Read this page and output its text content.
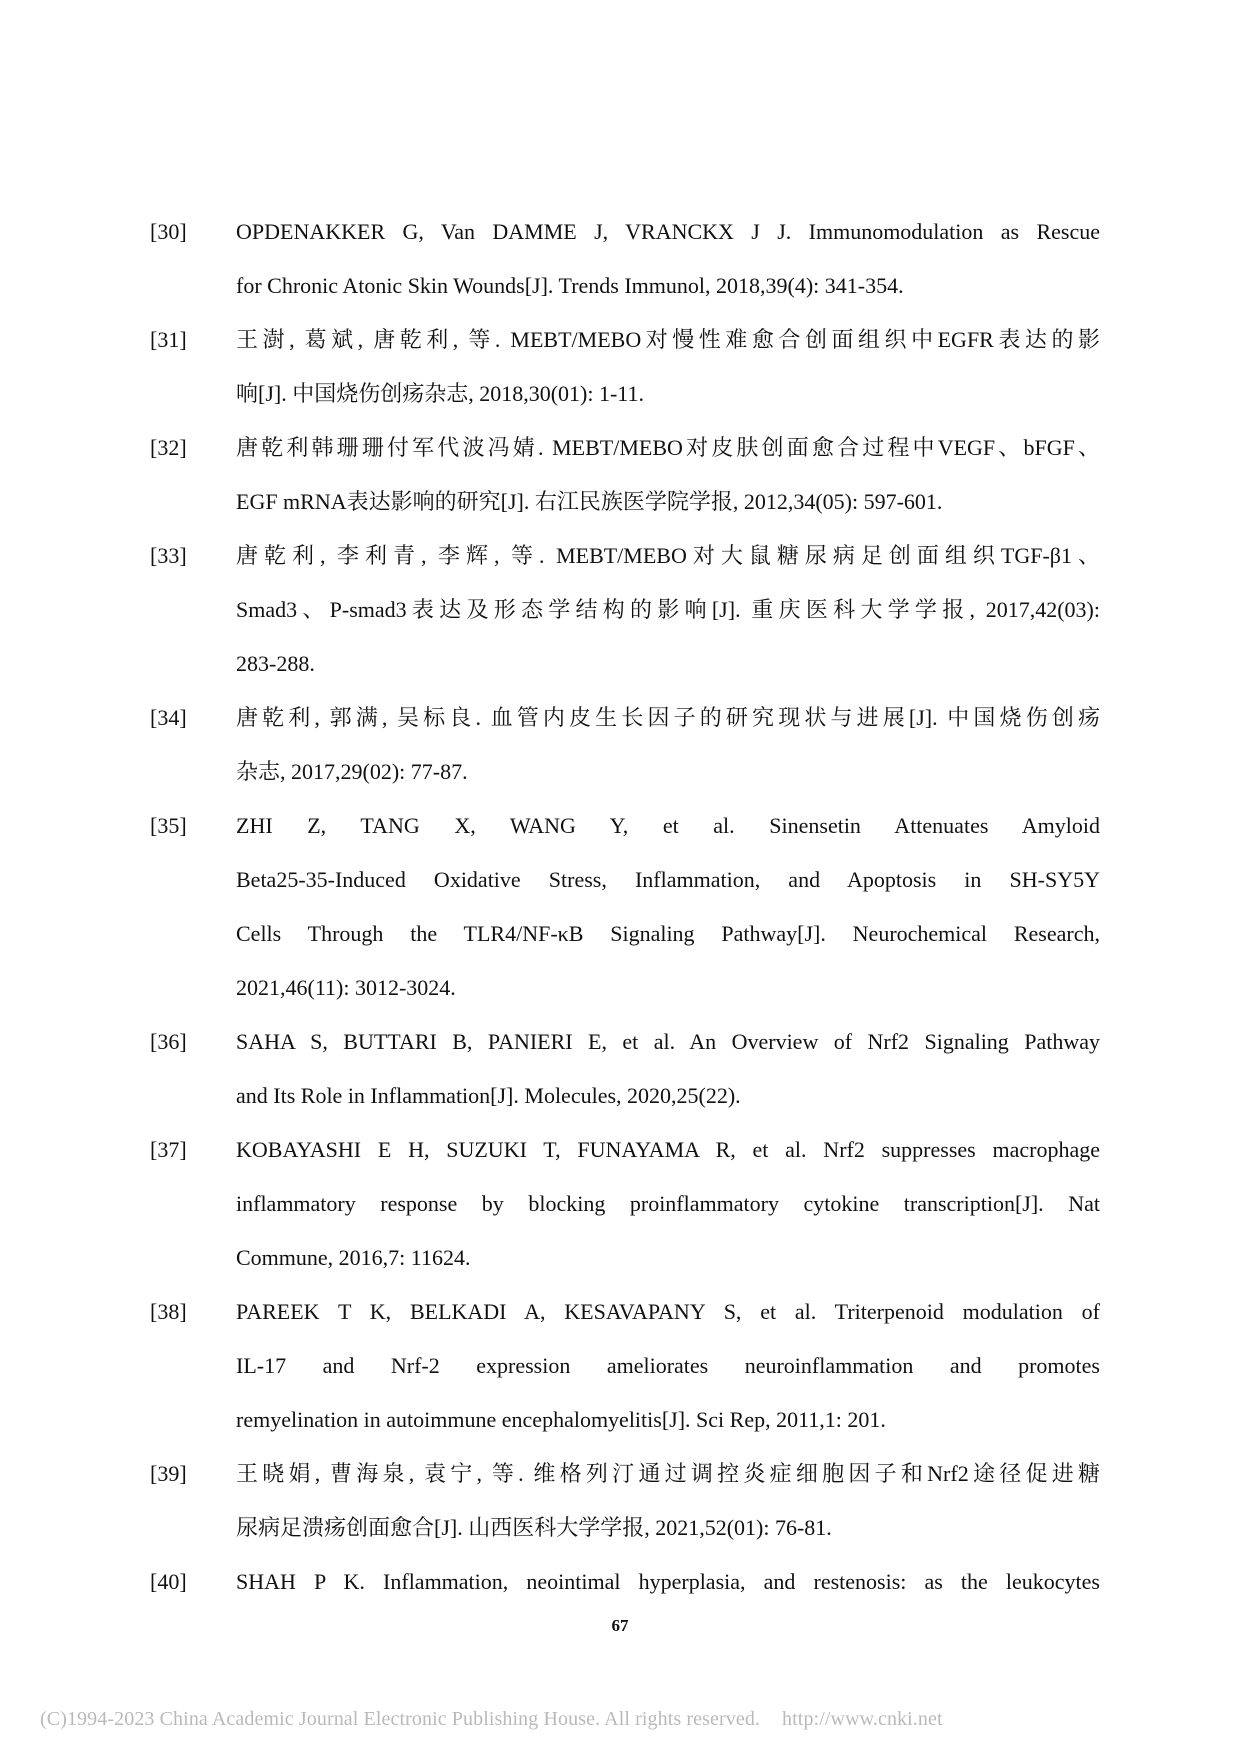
[30] OPDENAKKER G, Van DAMME J, VRANCKX J J. Immunomodulation as Rescue
for Chronic Atonic Skin Wounds[J]. Trends Immunol, 2018,39(4): 341-354.
[31] 王澍, 葛斌, 唐乾利, 等. MEBT/MEBO对慢性难愈合创面组织中EGFR表达的影
响[J]. 中国烧伤创疡杂志, 2018,30(01): 1-11.
[32] 唐乾利韩珊珊付军代波冯婧. MEBT/MEBO对皮肤创面愈合过程中VEGF、bFGF、
EGF mRNA表达影响的研究[J]. 右江民族医学院学报, 2012,34(05): 597-601.
[33] 唐乾利, 李利青, 李辉, 等. MEBT/MEBO对大鼠糖尿病足创面组织TGF-β1、
Smad3、P-smad3表达及形态学结构的影响[J]. 重庆医科大学学报, 2017,42(03):
283-288.
[34] 唐乾利, 郭满, 吴标良. 血管内皮生长因子的研究现状与进展[J]. 中国烧伤创疡
杂志, 2017,29(02): 77-87.
[35] ZHI Z, TANG X, WANG Y, et al. Sinensetin Attenuates Amyloid
Beta25-35-Induced Oxidative Stress, Inflammation, and Apoptosis in SH-SY5Y
Cells Through the TLR4/NF-κB Signaling Pathway[J]. Neurochemical Research,
2021,46(11): 3012-3024.
[36] SAHA S, BUTTARI B, PANIERI E, et al. An Overview of Nrf2 Signaling Pathway
and Its Role in Inflammation[J]. Molecules, 2020,25(22).
[37] KOBAYASHI E H, SUZUKI T, FUNAYAMA R, et al. Nrf2 suppresses macrophage
inflammatory response by blocking proinflammatory cytokine transcription[J]. Nat
Commune, 2016,7: 11624.
[38] PAREEK T K, BELKADI A, KESAVAPANY S, et al. Triterpenoid modulation of
IL-17 and Nrf-2 expression ameliorates neuroinflammation and promotes
remyelination in autoimmune encephalomyelitis[J]. Sci Rep, 2011,1: 201.
[39] 王晓娟, 曹海泉, 袁宁, 等. 维格列汀通过调控炎症细胞因子和Nrf2途径促进糖
尿病足溃疡创面愈合[J]. 山西医科大学学报, 2021,52(01): 76-81.
[40] SHAH P K. Inflammation, neointimal hyperplasia, and restenosis: as the leukocytes
67
(C)1994-2023 China Academic Journal Electronic Publishing House. All rights reserved. http://www.cnki.net
